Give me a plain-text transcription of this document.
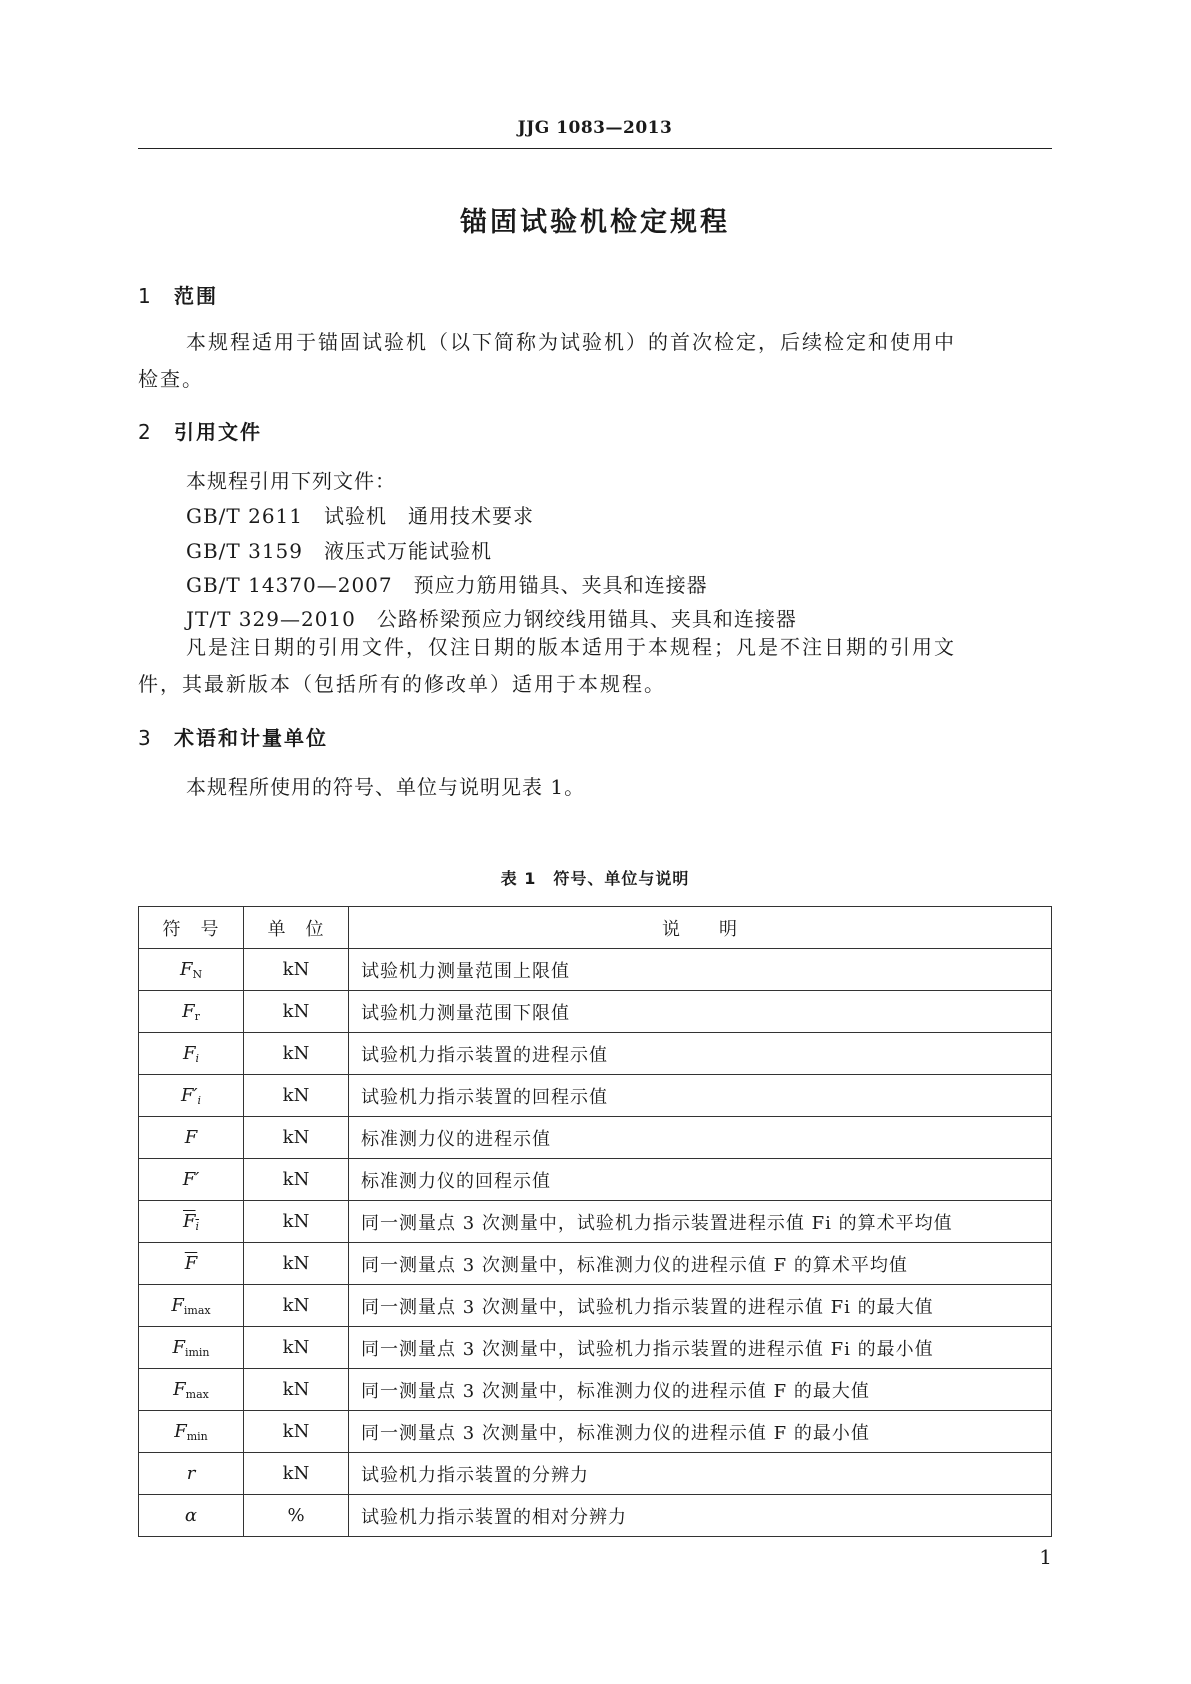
JJG 1083—2013
锚固试验机检定规程
1 范围
本规程适用于锚固试验机（以下简称为试验机）的首次检定，后续检定和使用中
检查。
2 引用文件
本规程引用下列文件：
GB/T 2611　试验机　通用技术要求
GB/T 3159　液压式万能试验机
GB/T 14370—2007　预应力筋用锚具、夹具和连接器
JT/T 329—2010　公路桥梁预应力钢绞线用锚具、夹具和连接器
凡是注日期的引用文件，仅注日期的版本适用于本规程；凡是不注日期的引用文
件，其最新版本（包括所有的修改单）适用于本规程。
3 术语和计量单位
本规程所使用的符号、单位与说明见表 1。
表 1　符号、单位与说明
符　号	单　位	说　　明
FN	kN	试验机力测量范围上限值
Fr	kN	试验机力测量范围下限值
Fi	kN	试验机力指示装置的进程示值
F′i	kN	试验机力指示装置的回程示值
F	kN	标准测力仪的进程示值
F′	kN	标准测力仪的回程示值
Fi	kN	同一测量点 3 次测量中，试验机力指示装置进程示值 Fi 的算术平均值
$\overline{F}$	kN	同一测量点 3 次测量中，标准测力仪的进程示值 F 的算术平均值
Fimax	kN	同一测量点 3 次测量中，试验机力指示装置的进程示值 Fi 的最大值
Fimin	kN	同一测量点 3 次测量中，试验机力指示装置的进程示值 Fi 的最小值
Fmax	kN	同一测量点 3 次测量中，标准测力仪的进程示值 F 的最大值
Fmin	kN	同一测量点 3 次测量中，标准测力仪的进程示值 F 的最小值
r	kN	试验机力指示装置的分辨力
α	%	试验机力指示装置的相对分辨力
1
